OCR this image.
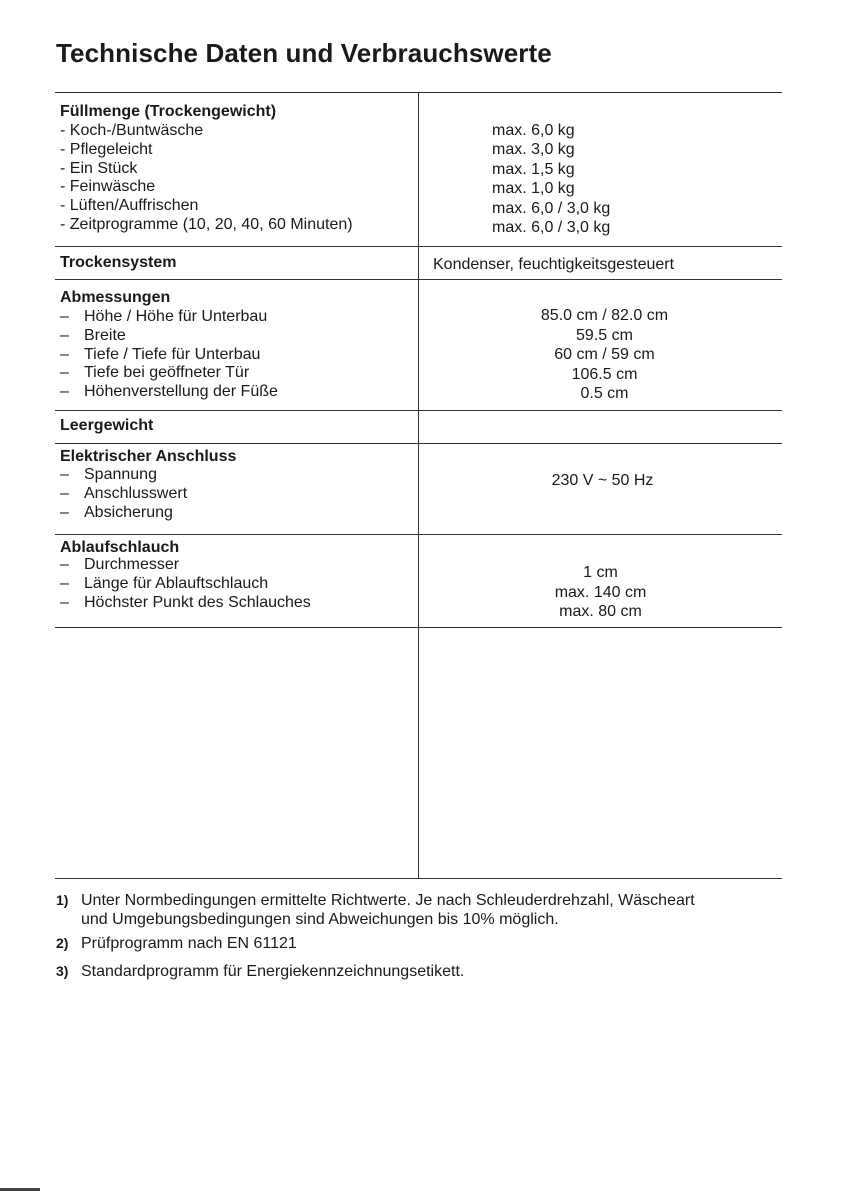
Technische Daten und Verbrauchswerte
Füllmenge (Trockengewicht)
- Koch-/Buntwäsche
- Pflegeleicht
- Ein Stück
- Feinwäsche
- Lüften/Auffrischen
- Zeitprogramme (10, 20, 40, 60 Minuten)
max. 6,0 kg
max. 3,0 kg
max. 1,5 kg
max. 1,0 kg
max. 6,0 / 3,0 kg
max. 6,0 / 3,0 kg
Trockensystem	Kondenser, feuchtigkeitsgesteuert
Abmessungen
– Höhe / Höhe für Unterbau
– Breite
– Tiefe / Tiefe für Unterbau
– Tiefe bei geöffneter Tür
– Höhenverstellung der Füße
85.0 cm / 82.0 cm
59.5 cm
60 cm / 59 cm
106.5 cm
0.5 cm
Leergewicht
Elektrischer Anschluss
– Spannung
– Anschlusswert
– Absicherung
230 V ~ 50 Hz
Ablaufschlauch
– Durchmesser
– Länge für Ablauftschlauch
– Höchster Punkt des Schlauches
1 cm
max. 140 cm
max. 80 cm
1) Unter Normbedingungen ermittelte Richtwerte. Je nach Schleuderdrehzahl, Wäscheart
und Umgebungsbedingungen sind Abweichungen bis 10% möglich.
2) Prüfprogramm nach EN 61121
3) Standardprogramm für Energiekennzeichnungsetikett.
